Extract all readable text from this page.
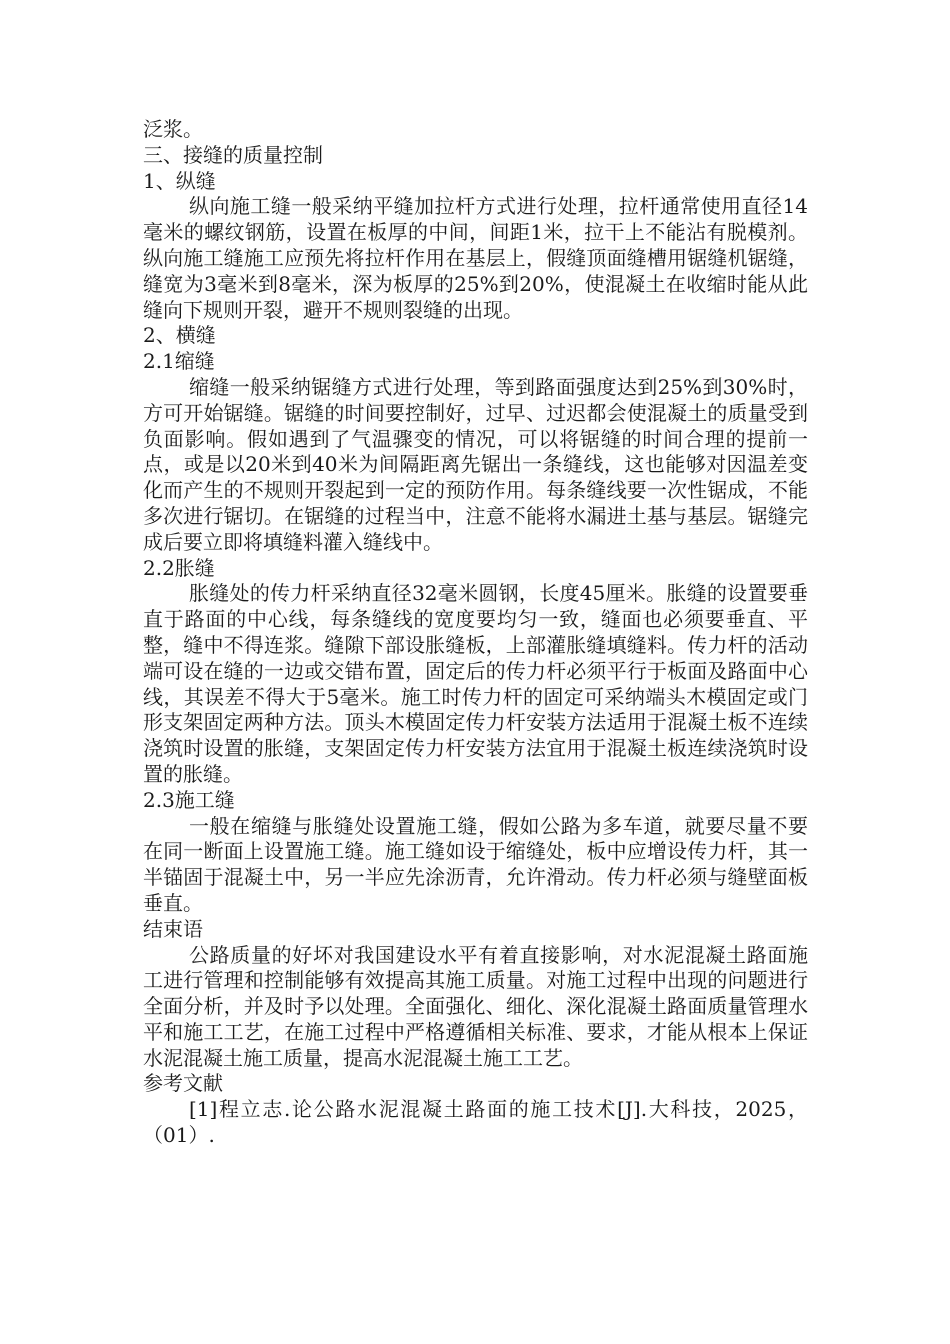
泛浆。

三、接缝的质量控制

1、纵缝

纵向施工缝一般采纳平缝加拉杆方式进行处理，拉杆通常使用直径14毫米的螺纹钢筋，设置在板厚的中间，间距1米，拉干上不能沾有脱模剂。纵向施工缝施工应预先将拉杆作用在基层上，假缝顶面缝槽用锯缝机锯缝，缝宽为3毫米到8毫米，深为板厚的25%到20%，使混凝土在收缩时能从此缝向下规则开裂，避开不规则裂缝的出现。

2、横缝

2.1缩缝

缩缝一般采纳锯缝方式进行处理，等到路面强度达到25%到30%时，方可开始锯缝。锯缝的时间要控制好，过早、过迟都会使混凝土的质量受到负面影响。假如遇到了气温骤变的情况，可以将锯缝的时间合理的提前一点，或是以20米到40米为间隔距离先锯出一条缝线，这也能够对因温差变化而产生的不规则开裂起到一定的预防作用。每条缝线要一次性锯成，不能多次进行锯切。在锯缝的过程当中，注意不能将水漏进土基与基层。锯缝完成后要立即将填缝料灌入缝线中。

2.2胀缝

胀缝处的传力杆采纳直径32毫米圆钢，长度45厘米。胀缝的设置要垂直于路面的中心线，每条缝线的宽度要均匀一致，缝面也必须要垂直、平整，缝中不得连浆。缝隙下部设胀缝板，上部灌胀缝填缝料。传力杆的活动端可设在缝的一边或交错布置，固定后的传力杆必须平行于板面及路面中心线，其误差不得大于5毫米。施工时传力杆的固定可采纳端头木模固定或门形支架固定两种方法。顶头木模固定传力杆安装方法适用于混凝土板不连续浇筑时设置的胀缝，支架固定传力杆安装方法宜用于混凝土板连续浇筑时设置的胀缝。

2.3施工缝

一般在缩缝与胀缝处设置施工缝，假如公路为多车道，就要尽量不要在同一断面上设置施工缝。施工缝如设于缩缝处，板中应增设传力杆，其一半锚固于混凝土中，另一半应先涂沥青，允许滑动。传力杆必须与缝壁面板垂直。

结束语

公路质量的好坏对我国建设水平有着直接影响，对水泥混凝土路面施工进行管理和控制能够有效提高其施工质量。对施工过程中出现的问题进行全面分析，并及时予以处理。全面强化、细化、深化混凝土路面质量管理水平和施工工艺，在施工过程中严格遵循相关标准、要求，才能从根本上保证水泥混凝土施工质量，提高水泥混凝土施工工艺。

参考文献

[1]程立志.论公路水泥混凝土路面的施工技术[J].大科技，2025，（01）.
